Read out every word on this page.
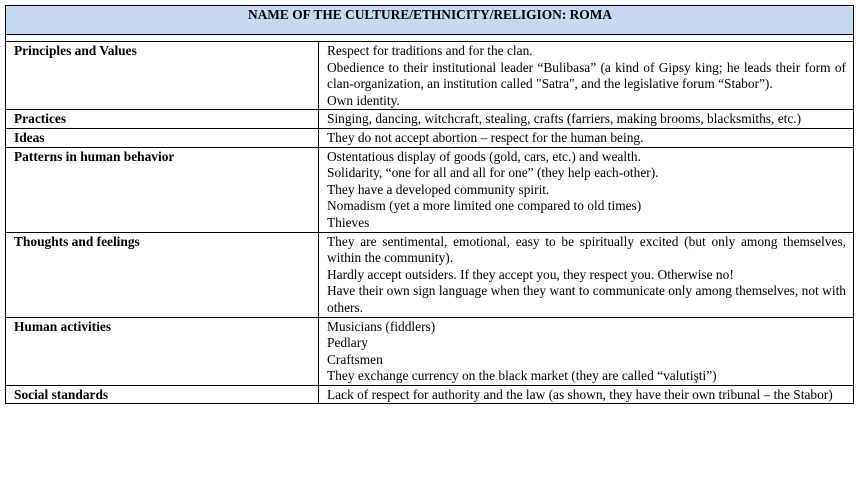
NAME OF THE CULTURE/ETHNICITY/RELIGION: ROMA	

Principles and Values	Respect for traditions and for the clan.
Obedience to their institutional leader “Bulibasa” (a kind of Gipsy king; he leads their form of clan-organization, an institution called "Satra", and the legislative forum “Stabor”).
Own identity.

Practices	Singing, dancing, witchcraft, stealing, crafts (farriers, making brooms, blacksmiths, etc.)

Ideas	They do not accept abortion – respect for the human being.

Patterns in human behavior	Ostentatious display of goods (gold, cars, etc.) and wealth.
Solidarity, “one for all and all for one” (they help each-other).
They have a developed community spirit.
Nomadism (yet a more limited one compared to old times)
Thieves

Thoughts and feelings	They are sentimental, emotional, easy to be spiritually excited (but only among themselves, within the community).
Hardly accept outsiders. If they accept you, they respect you. Otherwise no!
Have their own sign language when they want to communicate only among themselves, not with others.

Human activities	Musicians (fiddlers)
Pedlary
Craftsmen
They exchange currency on the black market (they are called “valutişti”)

Social standards	Lack of respect for authority and the law (as shown, they have their own tribunal – the Stabor)
